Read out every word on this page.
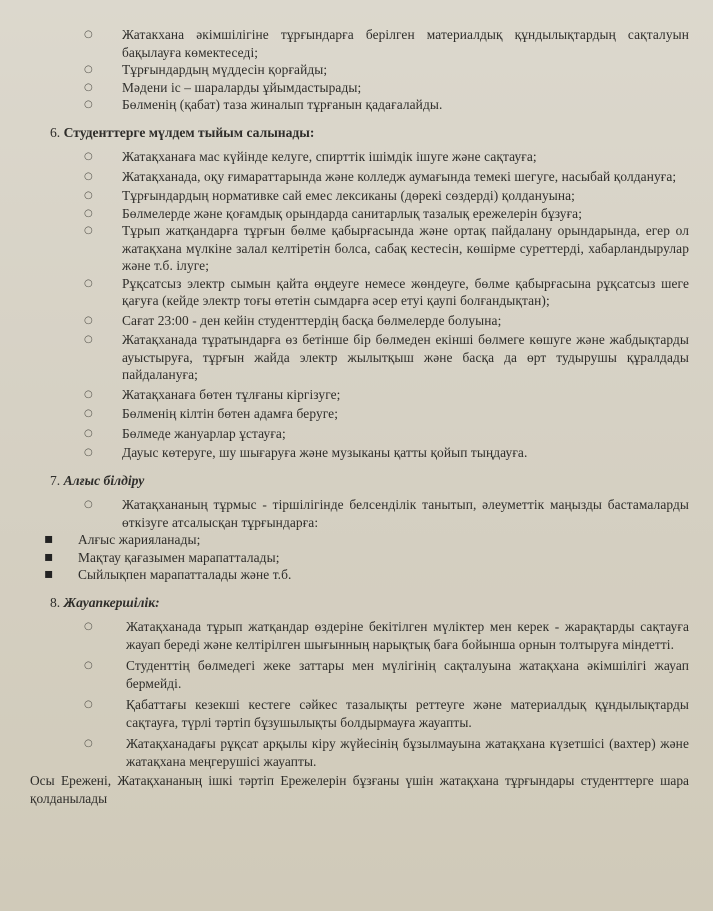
○ Жатакхана әкімшілігіне тұрғындарға берілген материалдық құндылықтардың сақталуын бақылауға көмектеседі;
○ Тұрғындардың мүддесін қорғайды;
○ Мәдени іс – шараларды ұйымдастырады;
○ Бөлменің (қабат) таза жиналып тұрғанын қадағалайды.
6. Студенттерге мүлдем тыйым салынады:
○ Жатақханаға мас күйінде келуге, спирттік ішімдік ішуге және сақтауға;
○ Жатақханада, оқу ғимараттарында және колледж аумағында темекі шегуге, насыбай қолдануға;
○ Тұрғындардың нормативке сай емес лексиканы (дөрекі сөздерді) қолдануына;
○ Бөлмелерде және қоғамдық орындарда санитарлық тазалық ережелерін бұзуға;
○ Тұрып жатқандарға тұрғын бөлме қабырғасында және ортақ пайдалану орындарында, егер ол жатақхана мүлкіне залал келтіретін болса, сабақ кестесін, көшірме суреттерді, хабарландырулар және т.б. ілуге;
○ Рұқсатсыз электр сымын қайта өңдеуге немесе жөндеуге, бөлме қабырғасына рұқсатсыз шеге қағуға (кейде электр тоғы өтетін сымдарға әсер етуі қаупі болғандықтан);
○ Сағат 23:00 - ден кейін студенттердің басқа бөлмелерде болуына;
○ Жатақханада тұратындарға өз бетінше бір бөлмеден екінші бөлмеге көшуге және жабдықтарды ауыстыруға, тұрғын жайда электр жылытқыш және басқа да өрт тудырушы құралдады пайдалануға;
○ Жатақханаға бөтен тұлғаны кіргізуге;
○ Бөлменің кілтін бөтен адамға беруге;
○ Бөлмеде жануарлар ұстауға;
○ Дауыс көтеруге, шу шығаруға және музыканы қатты қойып тыңдауға.
7. Алғыс білдіру
○ Жатақхананың тұрмыс - тіршілігінде белсенділік танытып, әлеуметтік маңызды бастамаларды өткізуге атсалысқан тұрғындарға:
▪ Алғыс жарияланады;
▪ Мақтау қағазымен марапатталады;
▪ Сыйлықпен марапатталады және т.б.
8. Жауапкершілік:
○ Жатақханада тұрып жатқандар өздеріне бекітілген мүліктер мен керек - жарақтарды сақтауға жауап береді және келтірілген шығынның нарықтық баға бойынша орнын толтыруға міндетті.
○ Студенттің бөлмедегі жеке заттары мен мүлігінің сақталуына жатақхана әкімшілігі жауап бермейді.
○ Қабаттағы кезекші кестеге сәйкес тазалықты реттеуге және материалдық құндылықтарды сақтауға, түрлі тәртіп бұзушылықты болдырмауға жауапты.
○ Жатақханадағы рұқсат арқылы кіру жүйесінің бұзылмауына жатақхана күзетшісі (вахтер) және жатақхана меңгерушісі жауапты.
Осы Ережені, Жатақхананың ішкі тәртіп Ережелерін бұзғаны үшін жатақхана тұрғындары студенттерге шара қолданылады
